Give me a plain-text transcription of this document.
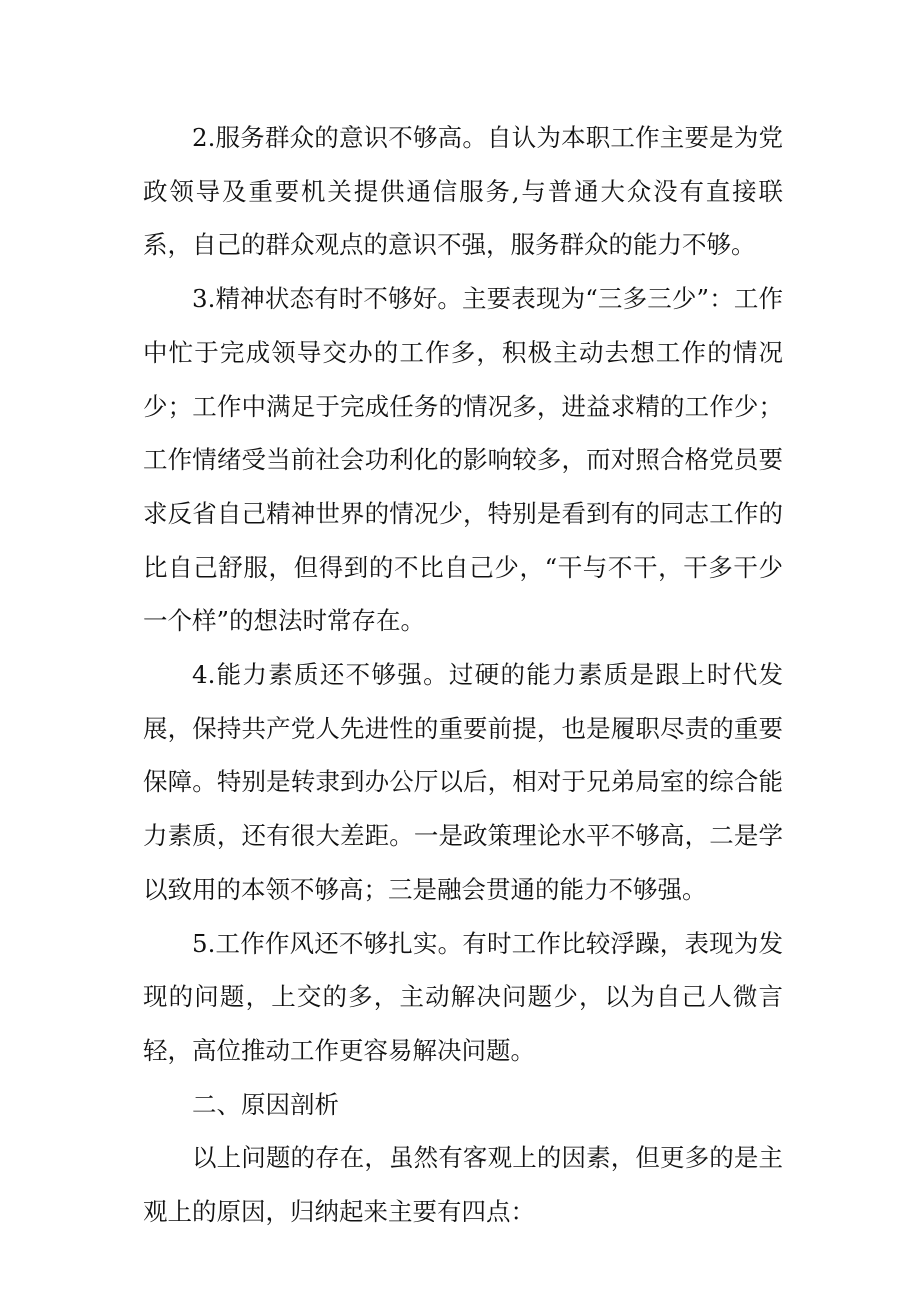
2.服务群众的意识不够高。自认为本职工作主要是为党政领导及重要机关提供通信服务,与普通大众没有直接联系，自己的群众观点的意识不强，服务群众的能力不够。

3.精神状态有时不够好。主要表现为“三多三少”：工作中忙于完成领导交办的工作多，积极主动去想工作的情况少；工作中满足于完成任务的情况多，进益求精的工作少；工作情绪受当前社会功利化的影响较多，而对照合格党员要求反省自己精神世界的情况少，特别是看到有的同志工作的比自己舒服，但得到的不比自己少，“干与不干，干多干少一个样”的想法时常存在。

4.能力素质还不够强。过硬的能力素质是跟上时代发展，保持共产党人先进性的重要前提，也是履职尽责的重要保障。特别是转隶到办公厅以后，相对于兄弟局室的综合能力素质，还有很大差距。一是政策理论水平不够高，二是学以致用的本领不够高；三是融会贯通的能力不够强。

5.工作作风还不够扎实。有时工作比较浮躁，表现为发现的问题，上交的多，主动解决问题少，以为自己人微言轻，高位推动工作更容易解决问题。

二、原因剖析

以上问题的存在，虽然有客观上的因素，但更多的是主观上的原因，归纳起来主要有四点：
